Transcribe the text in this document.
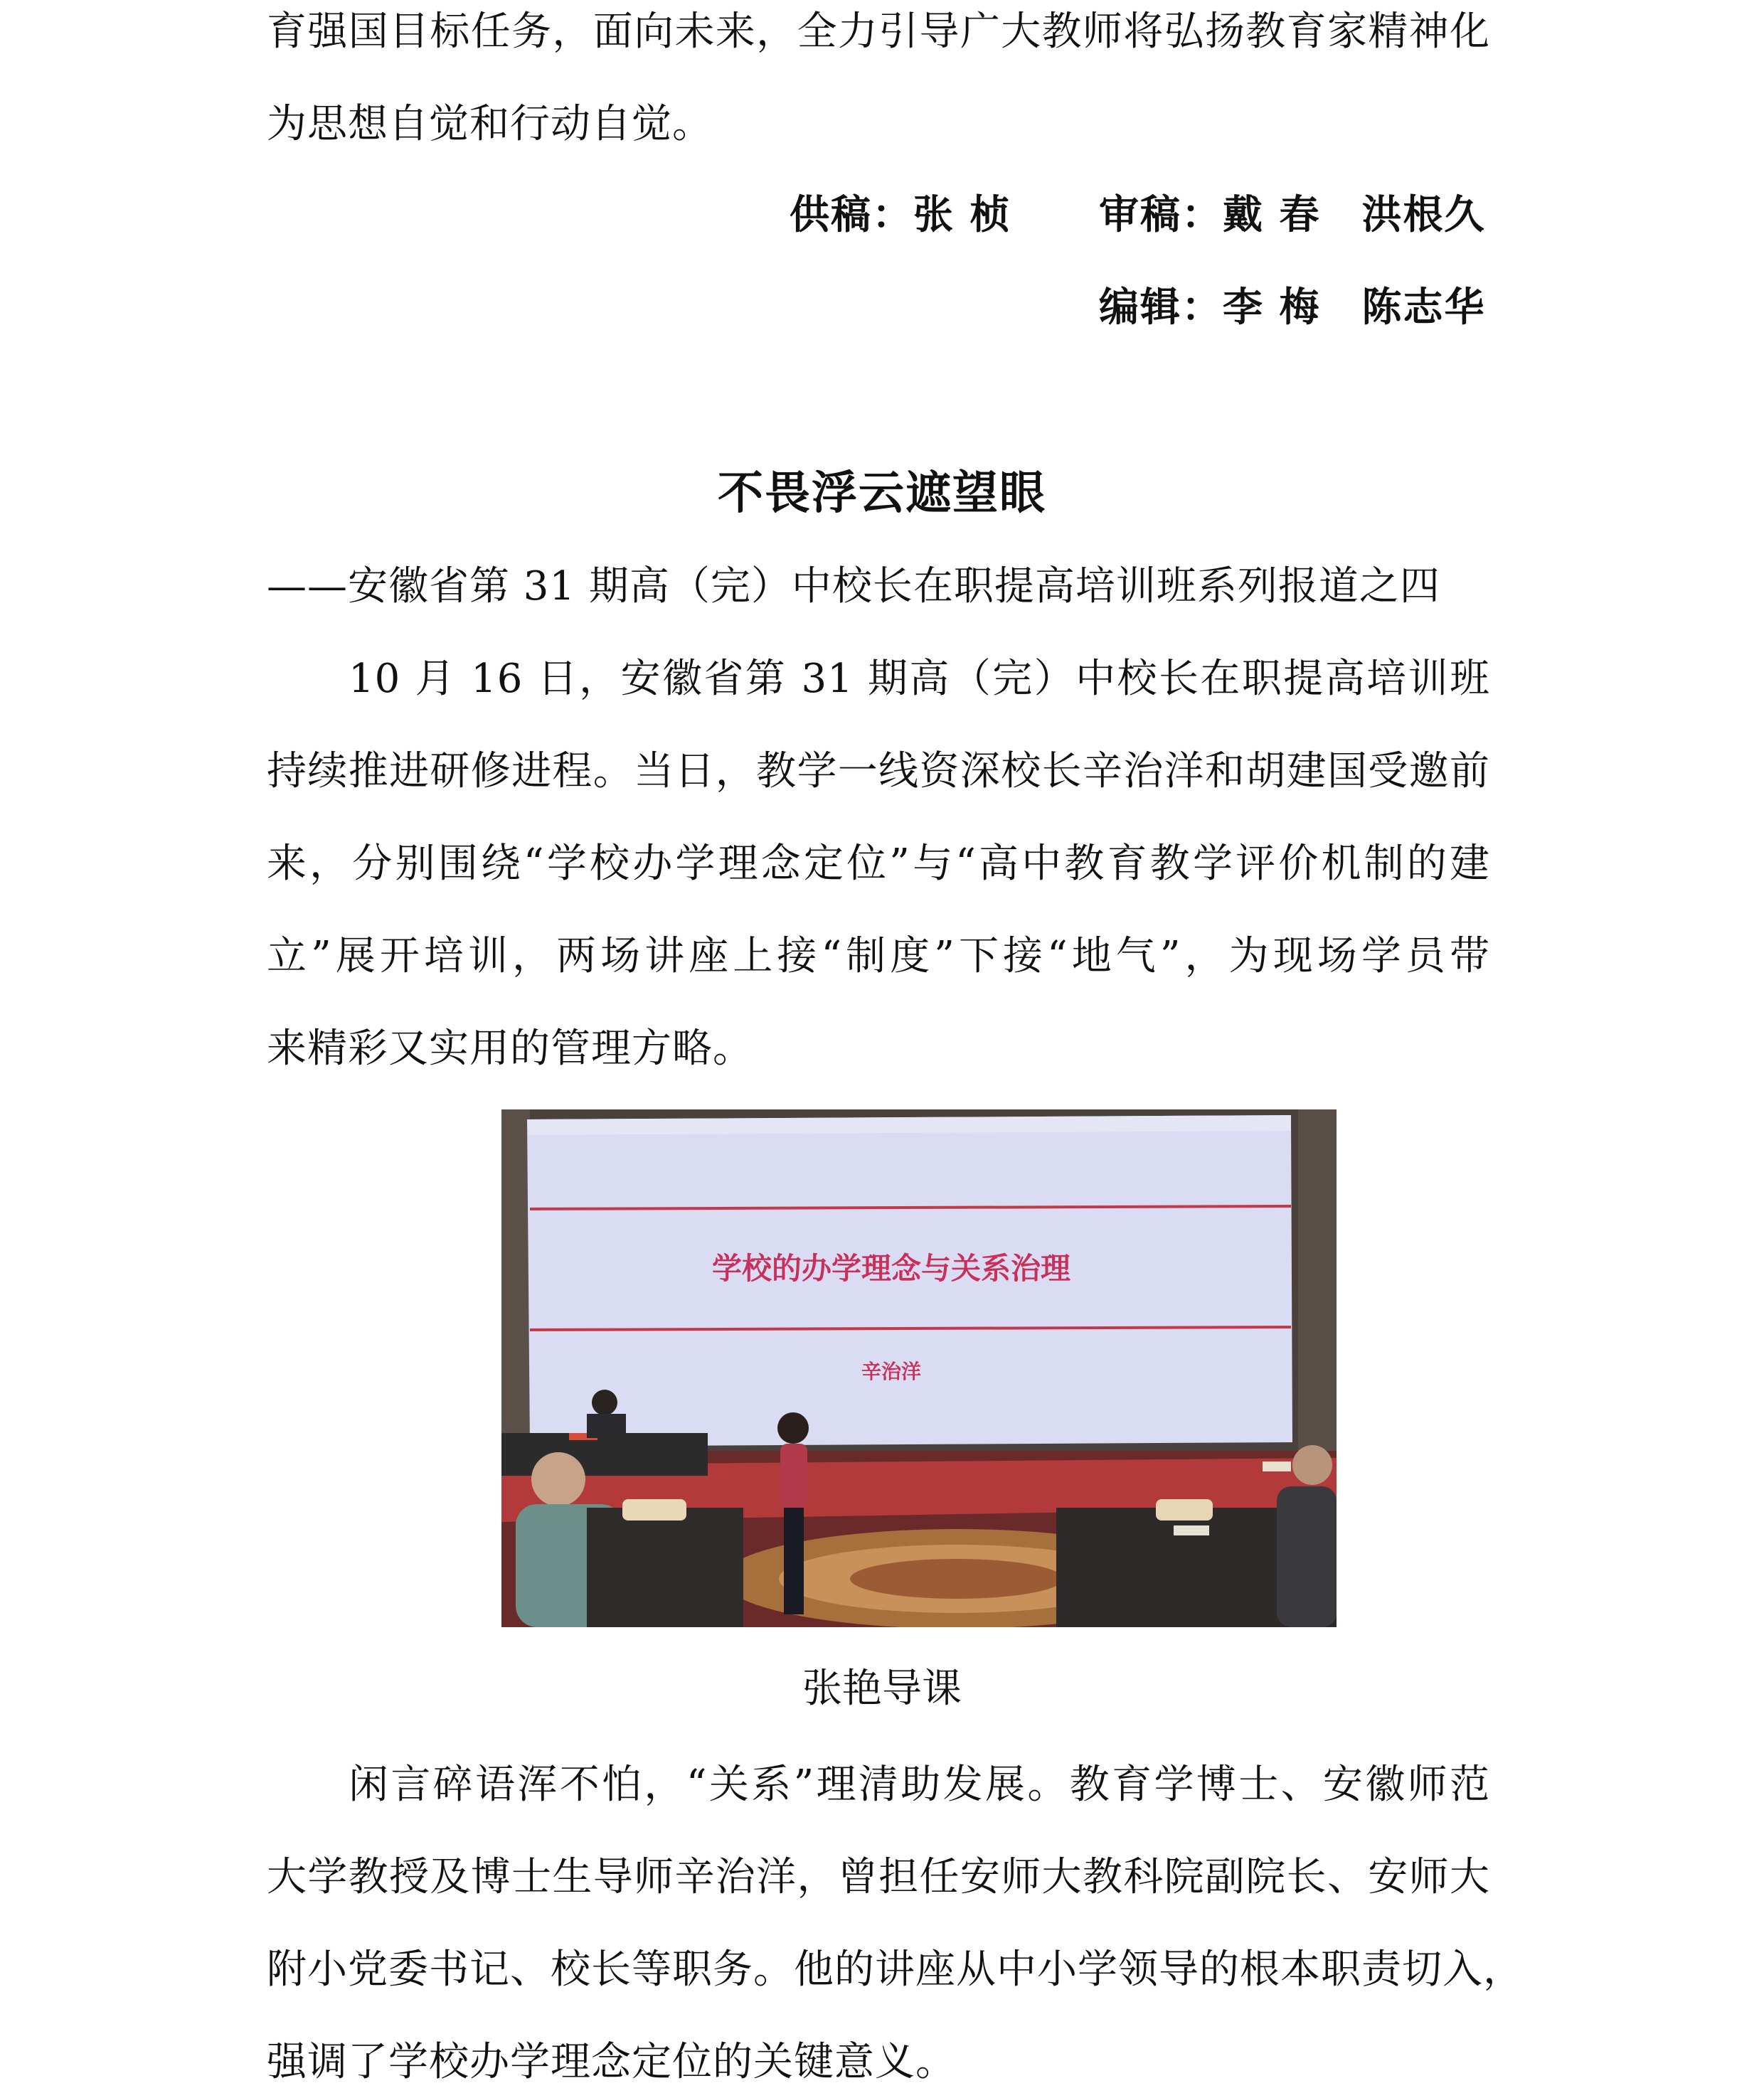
育强国目标任务，面向未来，全力引导广大教师将弘扬教育家精神化
为思想自觉和行动自觉。
供稿：张 桢 审稿：戴 春　洪根久
编辑：李 梅　陈志华
不畏浮云遮望眼
——安徽省第 31 期高（完）中校长在职提高培训班系列报道之四
10 月 16 日，安徽省第 31 期高（完）中校长在职提高培训班
持续推进研修进程。当日，教学一线资深校长辛治洋和胡建国受邀前
来，分别围绕“学校办学理念定位”与“高中教育教学评价机制的建
立”展开培训，两场讲座上接“制度”下接“地气”，为现场学员带
来精彩又实用的管理方略。
学校的办学理念与关系治理
辛治洋
张艳导课
闲言碎语浑不怕，“关系”理清助发展。教育学博士、安徽师范
大学教授及博士生导师辛治洋，曾担任安师大教科院副院长、安师大
附小党委书记、校长等职务。他的讲座从中小学领导的根本职责切入，
强调了学校办学理念定位的关键意义。
